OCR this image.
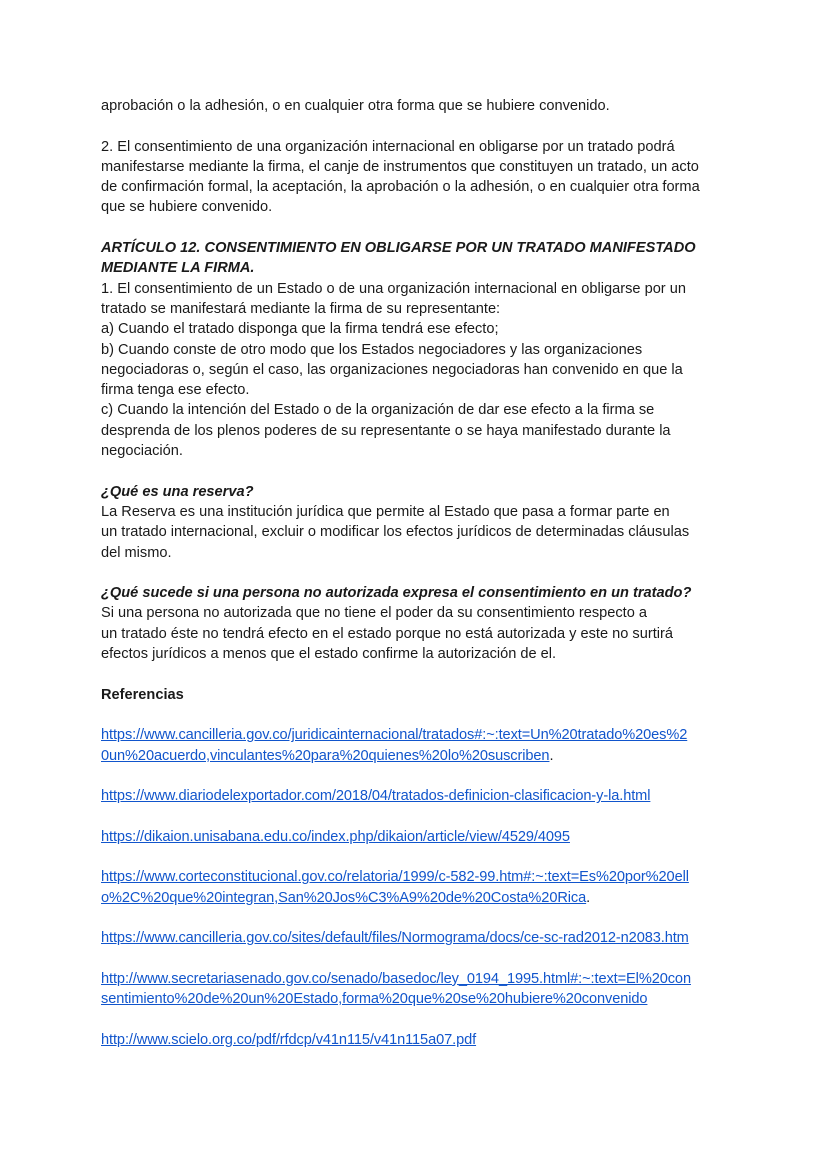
aprobación o la adhesión, o en cualquier otra forma que se hubiere convenido.

2. El consentimiento de una organización internacional en obligarse por un tratado podrá
manifestarse mediante la firma, el canje de instrumentos que constituyen un tratado, un acto
de confirmación formal, la aceptación, la aprobación o la adhesión, o en cualquier otra forma
que se hubiere convenido.

ARTÍCULO 12. CONSENTIMIENTO EN OBLIGARSE POR UN TRATADO MANIFESTADO
MEDIANTE LA FIRMA.

1. El consentimiento de un Estado o de una organización internacional en obligarse por un
tratado se manifestará mediante la firma de su representante:
a) Cuando el tratado disponga que la firma tendrá ese efecto;
b) Cuando conste de otro modo que los Estados negociadores y las organizaciones
negociadoras o, según el caso, las organizaciones negociadoras han convenido en que la
firma tenga ese efecto.
c) Cuando la intención del Estado o de la organización de dar ese efecto a la firma se
desprenda de los plenos poderes de su representante o se haya manifestado durante la
negociación.

¿Qué es una reserva?

La Reserva es una institución jurídica que permite al Estado que pasa a formar parte en
un tratado internacional, excluir o modificar los efectos jurídicos de determinadas cláusulas
del mismo.

¿Qué sucede si una persona no autorizada expresa el consentimiento en un tratado?

Si una persona no autorizada que no tiene el poder da su consentimiento respecto a
un tratado éste no tendrá efecto en el estado porque no está autorizada y este no surtirá
efectos jurídicos a menos que el estado confirme la autorización de el.

Referencias

https://www.cancilleria.gov.co/juridicainternacional/tratados#:~:text=Un%20tratado%20es%2
0un%20acuerdo,vinculantes%20para%20quienes%20lo%20suscriben.

https://www.diariodelexportador.com/2018/04/tratados-definicion-clasificacion-y-la.html

https://dikaion.unisabana.edu.co/index.php/dikaion/article/view/4529/4095

https://www.corteconstitucional.gov.co/relatoria/1999/c-582-99.htm#:~:text=Es%20por%20ell
o%2C%20que%20integran,San%20Jos%C3%A9%20de%20Costa%20Rica.

https://www.cancilleria.gov.co/sites/default/files/Normograma/docs/ce-sc-rad2012-n2083.htm

http://www.secretariasenado.gov.co/senado/basedoc/ley_0194_1995.html#:~:text=El%20con
sentimiento%20de%20un%20Estado,forma%20que%20se%20hubiere%20convenido

http://www.scielo.org.co/pdf/rfdcp/v41n115/v41n115a07.pdf
